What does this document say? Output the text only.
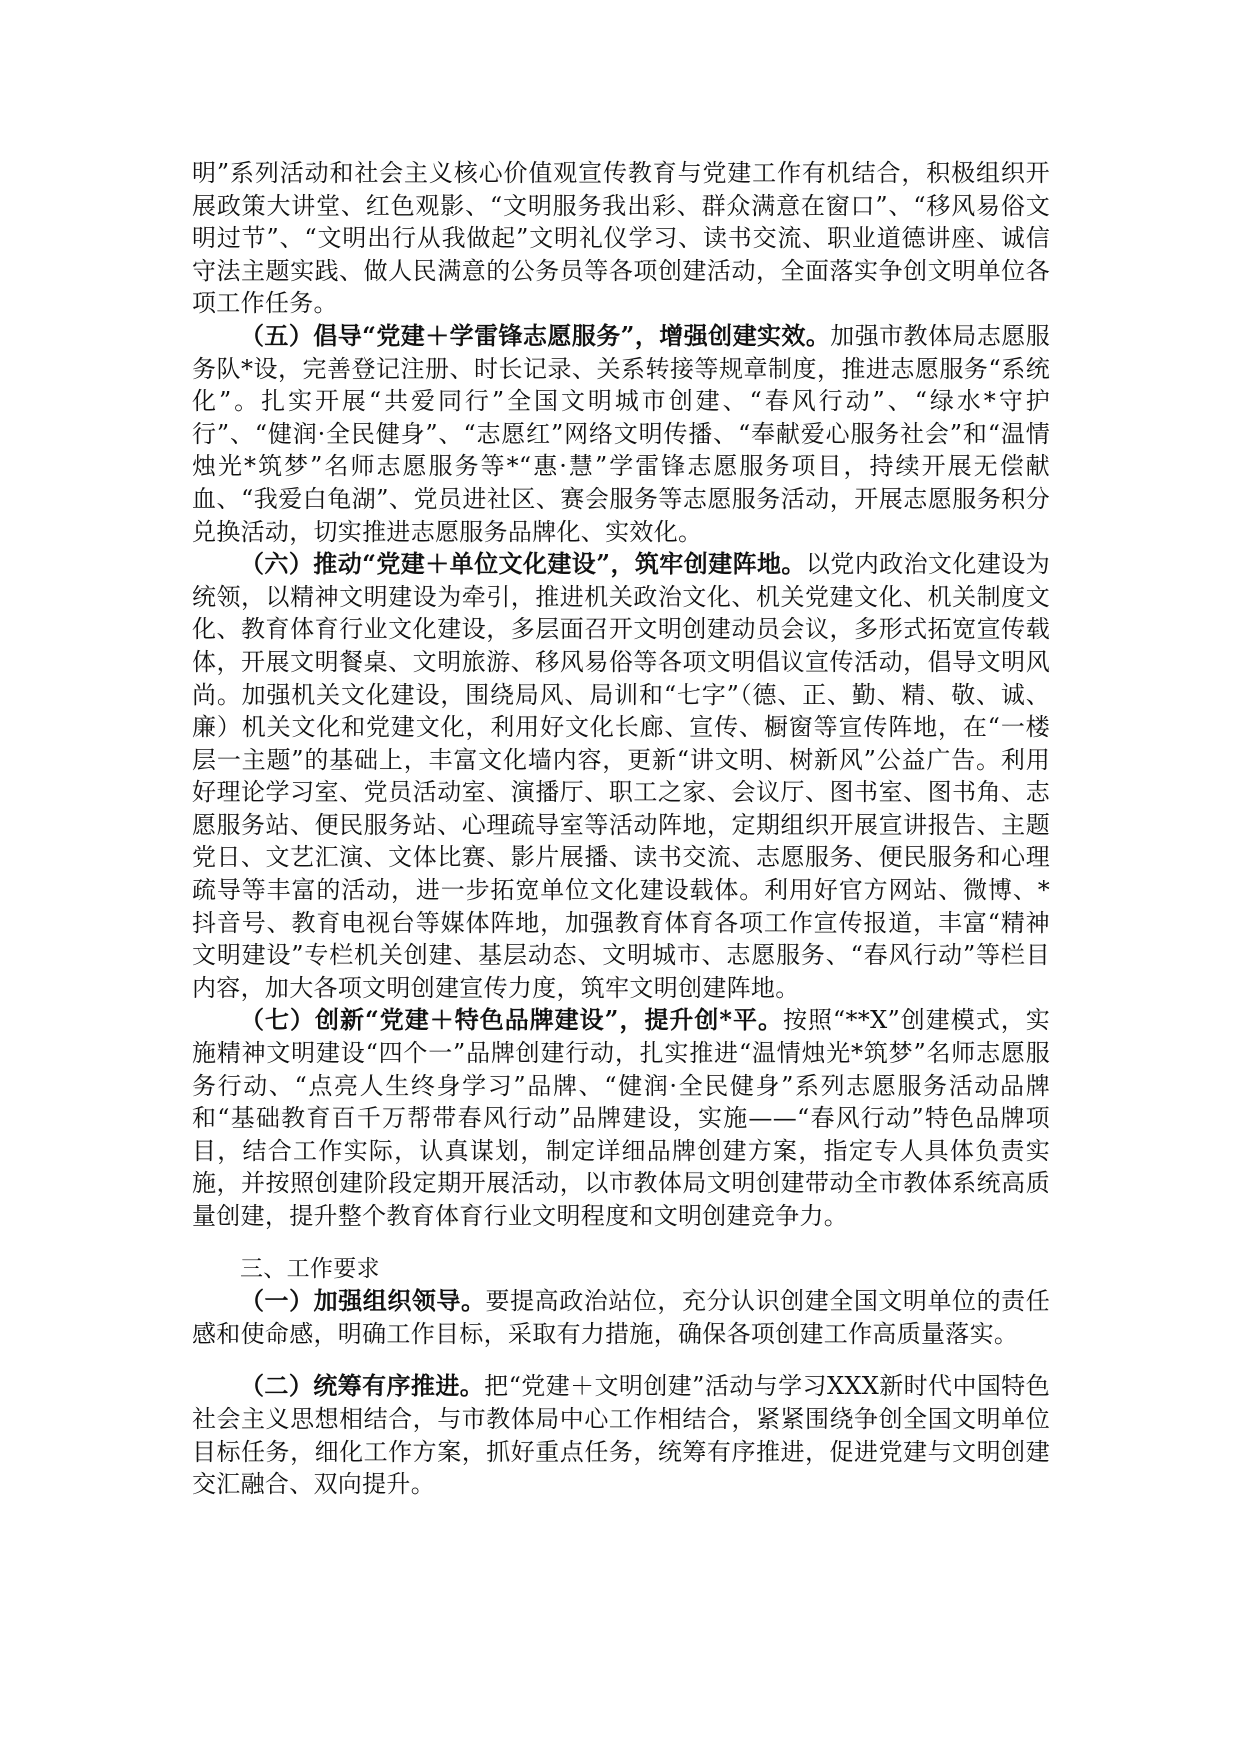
明”系列活动和社会主义核心价值观宣传教育与党建工作有机结合，积极组织开展政策大讲堂、红色观影、“文明服务我出彩、群众满意在窗口”、“移风易俗文明过节”、“文明出行从我做起”文明礼仪学习、读书交流、职业道德讲座、诚信守法主题实践、做人民满意的公务员等各项创建活动，全面落实争创文明单位各项工作任务。

（五）倡导“党建＋学雷锋志愿服务”，增强创建实效。加强市教体局志愿服务队*设，完善登记注册、时长记录、关系转接等规章制度，推进志愿服务“系统化”。扎实开展“共爱同行”全国文明城市创建、“春风行动”、“绿水*守护行”、“健润·全民健身”、“志愿红”网络文明传播、“奉献爱心服务社会”和“温情烛光*筑梦”名师志愿服务等*“惠·慧”学雷锋志愿服务项目，持续开展无偿献血、“我爱白龟湖”、党员进社区、赛会服务等志愿服务活动，开展志愿服务积分兑换活动，切实推进志愿服务品牌化、实效化。

（六）推动“党建＋单位文化建设”，筑牢创建阵地。以党内政治文化建设为统领，以精神文明建设为牵引，推进机关政治文化、机关党建文化、机关制度文化、教育体育行业文化建设，多层面召开文明创建动员会议，多形式拓宽宣传载体，开展文明餐桌、文明旅游、移风易俗等各项文明倡议宣传活动，倡导文明风尚。加强机关文化建设，围绕局风、局训和“七字”（德、正、勤、精、敬、诚、廉）机关文化和党建文化，利用好文化长廊、宣传、橱窗等宣传阵地，在“一楼层一主题”的基础上，丰富文化墙内容，更新“讲文明、树新风”公益广告。利用好理论学习室、党员活动室、演播厅、职工之家、会议厅、图书室、图书角、志愿服务站、便民服务站、心理疏导室等活动阵地，定期组织开展宣讲报告、主题党日、文艺汇演、文体比赛、影片展播、读书交流、志愿服务、便民服务和心理疏导等丰富的活动，进一步拓宽单位文化建设载体。利用好官方网站、微博、*抖音号、教育电视台等媒体阵地，加强教育体育各项工作宣传报道，丰富“精神文明建设”专栏机关创建、基层动态、文明城市、志愿服务、“春风行动”等栏目内容，加大各项文明创建宣传力度，筑牢文明创建阵地。

（七）创新“党建＋特色品牌建设”，提升创*平。按照“**X”创建模式，实施精神文明建设“四个一”品牌创建行动，扎实推进“温情烛光*筑梦”名师志愿服务行动、“点亮人生终身学习”品牌、“健润·全民健身”系列志愿服务活动品牌和“基础教育百千万帮带春风行动”品牌建设，实施——“春风行动”特色品牌项目，结合工作实际，认真谋划，制定详细品牌创建方案，指定专人具体负责实施，并按照创建阶段定期开展活动，以市教体局文明创建带动全市教体系统高质量创建，提升整个教育体育行业文明程度和文明创建竞争力。

三、工作要求

（一）加强组织领导。要提高政治站位，充分认识创建全国文明单位的责任感和使命感，明确工作目标，采取有力措施，确保各项创建工作高质量落实。

（二）统筹有序推进。把“党建＋文明创建”活动与学习XXX新时代中国特色社会主义思想相结合，与市教体局中心工作相结合，紧紧围绕争创全国文明单位目标任务，细化工作方案，抓好重点任务，统筹有序推进，促进党建与文明创建交汇融合、双向提升。
